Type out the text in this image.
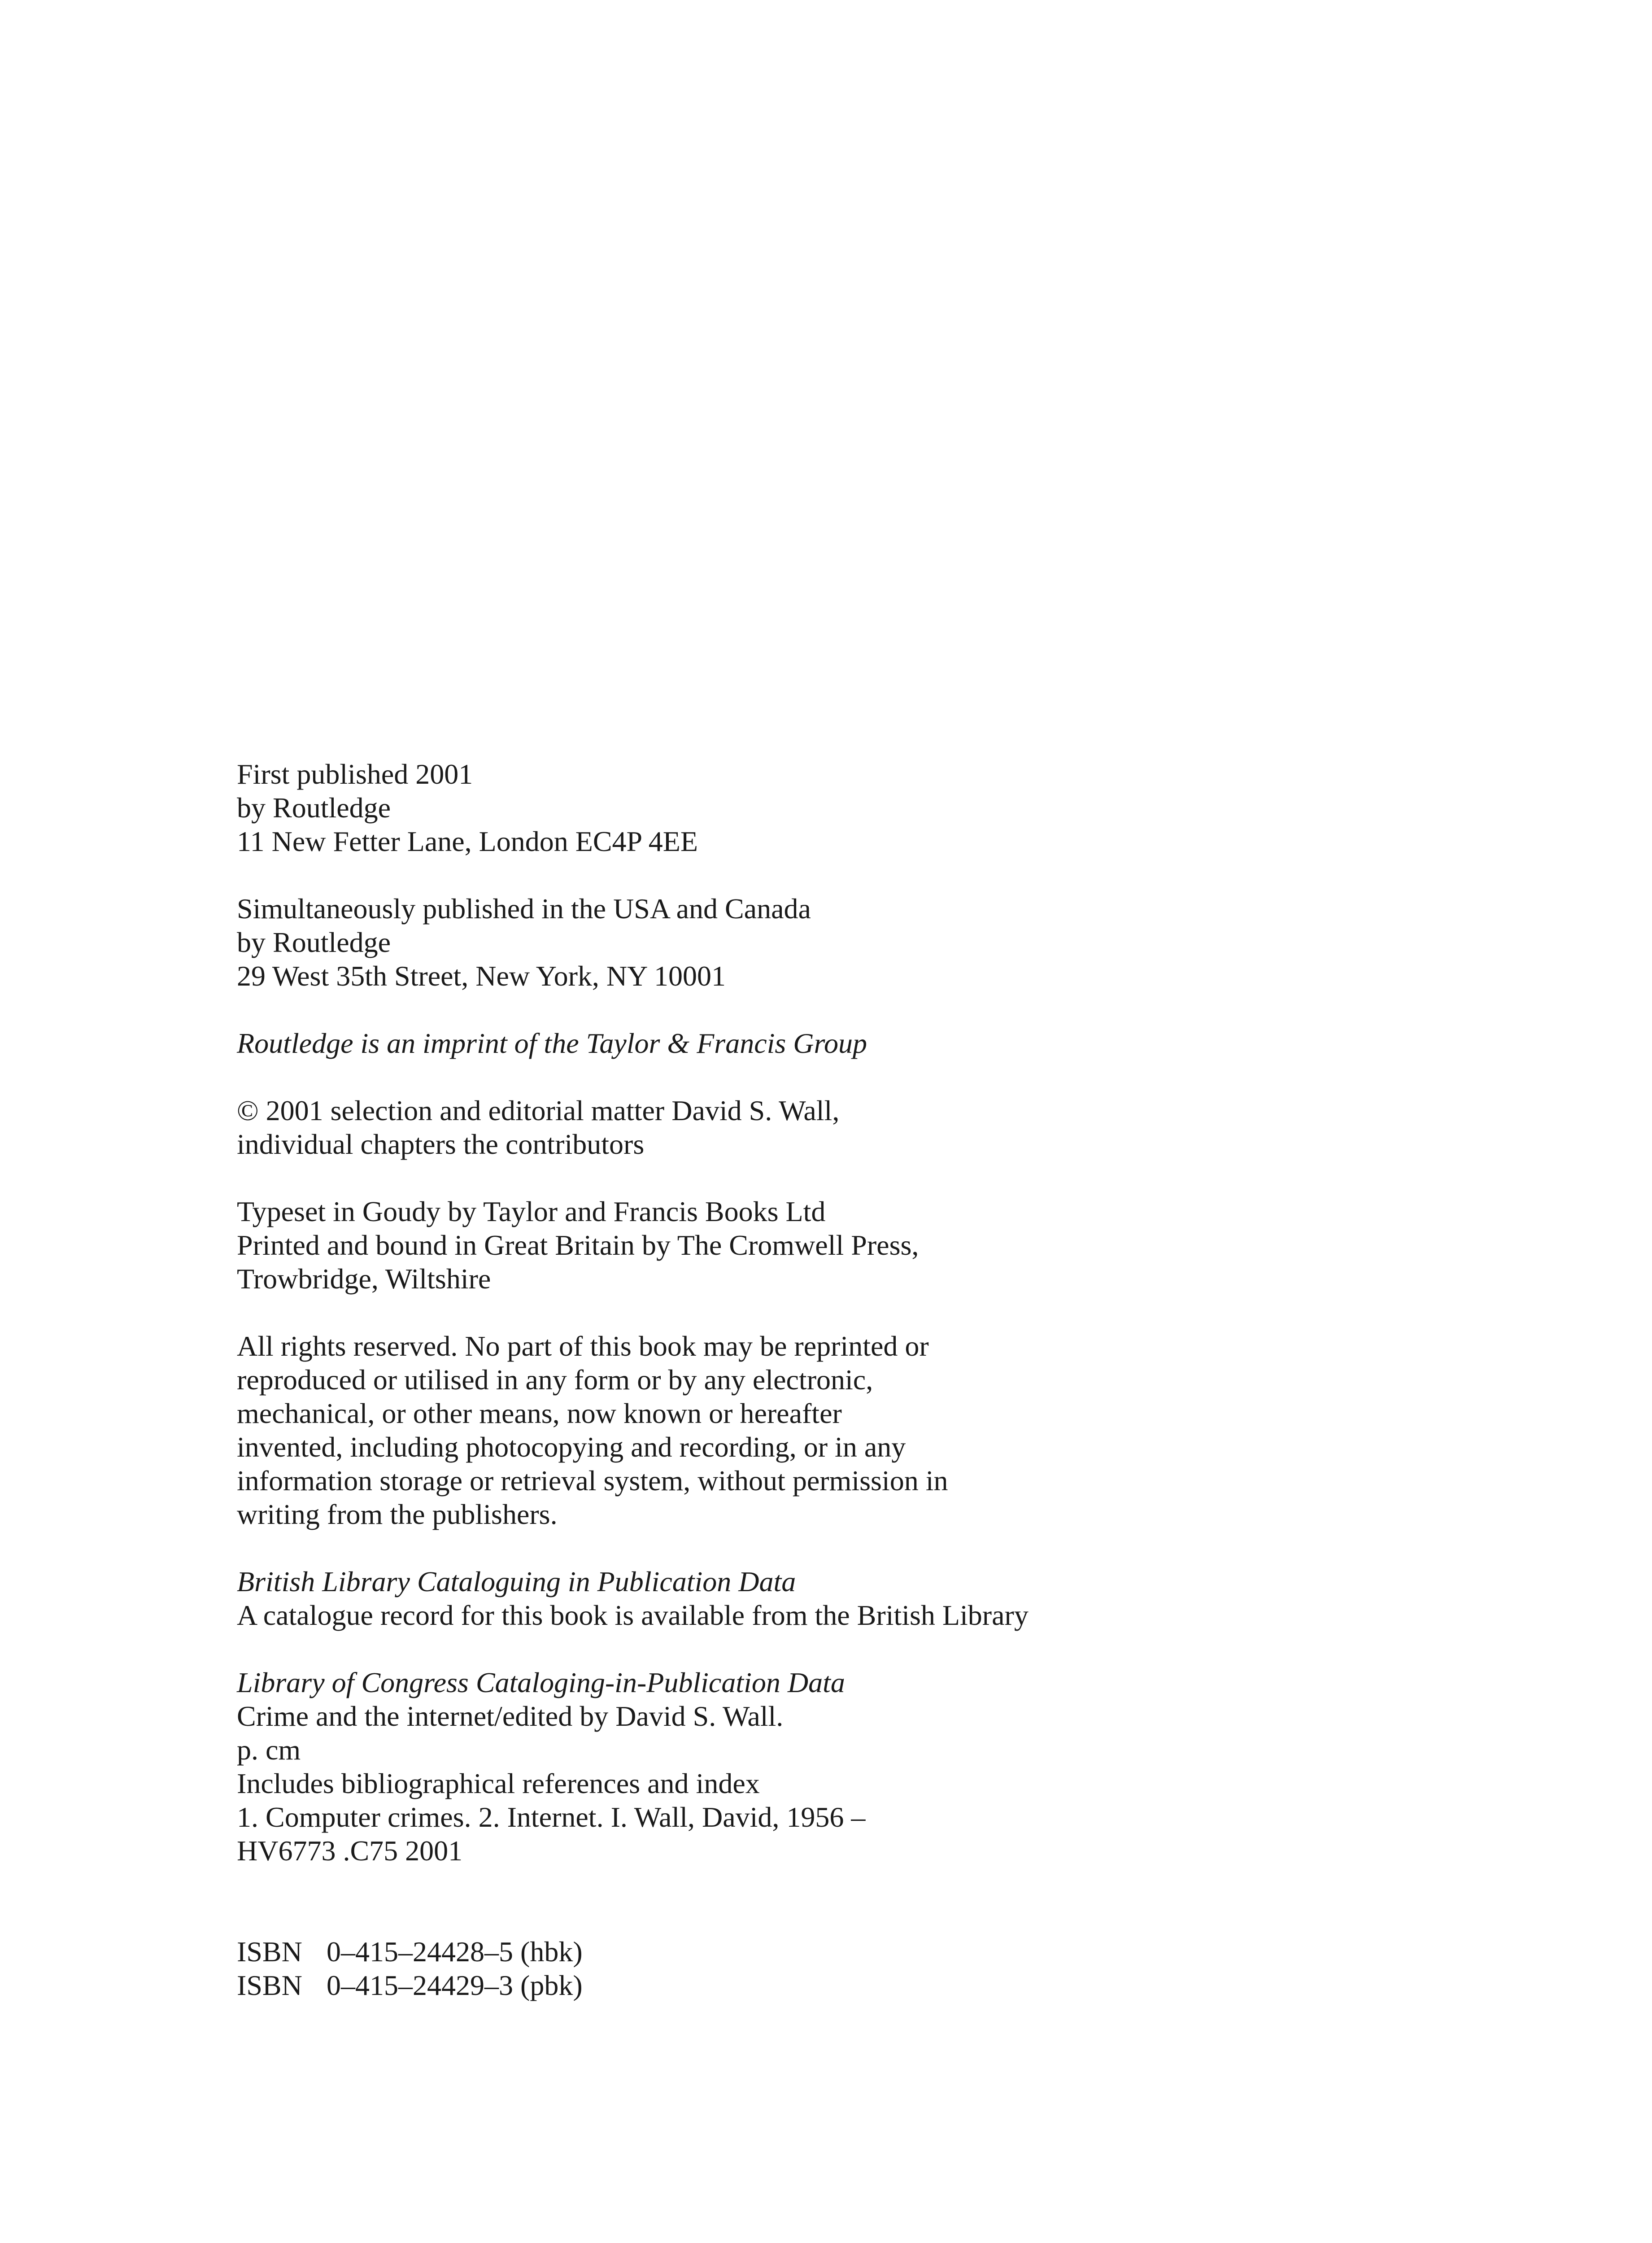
First published 2001
by Routledge
11 New Fetter Lane, London EC4P 4EE
Simultaneously published in the USA and Canada
by Routledge
29 West 35th Street, New York, NY 10001
Routledge is an imprint of the Taylor & Francis Group
© 2001 selection and editorial matter David S. Wall,
individual chapters the contributors
Typeset in Goudy by Taylor and Francis Books Ltd
Printed and bound in Great Britain by The Cromwell Press,
Trowbridge, Wiltshire
All rights reserved. No part of this book may be reprinted or
reproduced or utilised in any form or by any electronic,
mechanical, or other means, now known or hereafter
invented, including photocopying and recording, or in any
information storage or retrieval system, without permission in
writing from the publishers.
British Library Cataloguing in Publication Data
A catalogue record for this book is available from the British Library
Library of Congress Cataloging-in-Publication Data
Crime and the internet/edited by David S. Wall.
p. cm
Includes bibliographical references and index
1. Computer crimes. 2. Internet. I. Wall, David, 1956 –
HV6773 .C75 2001
ISBN 0–415–24428–5 (hbk)
ISBN 0–415–24429–3 (pbk)
